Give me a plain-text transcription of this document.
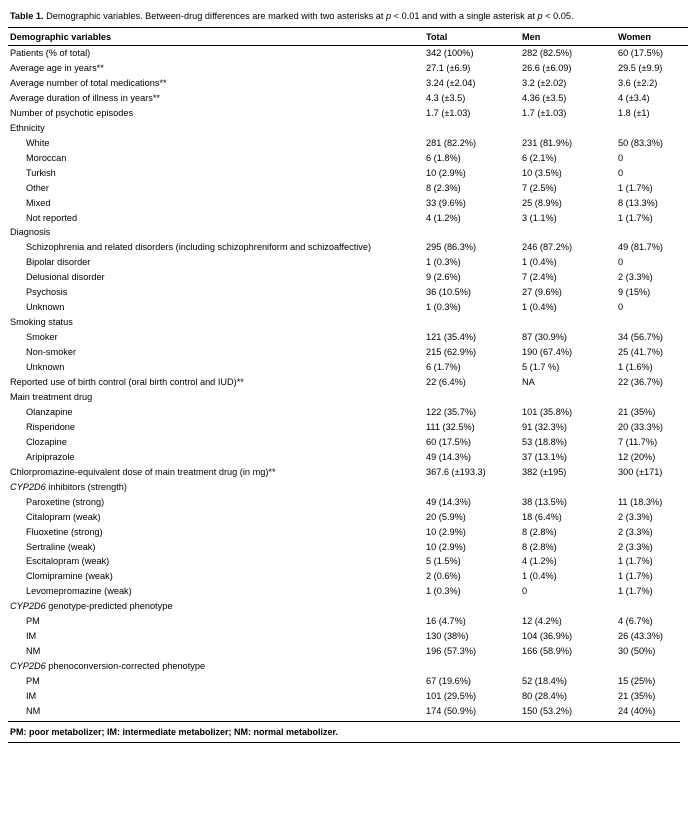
Table 1. Demographic variables. Between-drug differences are marked with two asterisks at p < 0.01 and with a single asterisk at p < 0.05.
Demographic variables	Total	Men	Women
Patients (% of total)	342 (100%)	282 (82.5%)	60 (17.5%)
Average age in years**	27.1 (±6.9)	26.6 (±6.09)	29.5 (±9.9)
Average number of total medications**	3.24 (±2.04)	3.2 (±2.02)	3.6 (±2.2)
Average duration of illness in years**	4.3 (±3.5)	4.36 (±3.5)	4 (±3.4)
Number of psychotic episodes	1.7 (±1.03)	1.7 (±1.03)	1.8 (±1)
Ethnicity			
White	281 (82.2%)	231 (81.9%)	50 (83.3%)
Moroccan	6 (1.8%)	6 (2.1%)	0
Turkish	10 (2.9%)	10 (3.5%)	0
Other	8 (2.3%)	7 (2.5%)	1 (1.7%)
Mixed	33 (9.6%)	25 (8.9%)	8 (13.3%)
Not reported	4 (1.2%)	3 (1.1%)	1 (1.7%)
Diagnosis			
Schizophrenia and related disorders (including schizophreniform and schizoaffective)	295 (86.3%)	246 (87.2%)	49 (81.7%)
Bipolar disorder	1 (0.3%)	1 (0.4%)	0
Delusional disorder	9 (2.6%)	7 (2.4%)	2 (3.3%)
Psychosis	36 (10.5%)	27 (9.6%)	9 (15%)
Unknown	1 (0.3%)	1 (0.4%)	0
Smoking status			
Smoker	121 (35.4%)	87 (30.9%)	34 (56.7%)
Non-smoker	215 (62.9%)	190 (67.4%)	25 (41.7%)
Unknown	6 (1.7%)	5 (1.7 %)	1 (1.6%)
Reported use of birth control (oral birth control and IUD)**	22 (6.4%)	NA	22 (36.7%)
Main treatment drug			
Olanzapine	122 (35.7%)	101 (35.8%)	21 (35%)
Risperidone	111 (32.5%)	91 (32.3%)	20 (33.3%)
Clozapine	60 (17.5%)	53 (18.8%)	7 (11.7%)
Aripiprazole	49 (14.3%)	37 (13.1%)	12 (20%)
Chlorpromazine-equivalent dose of main treatment drug (in mg)**	367.6 (±193.3)	382 (±195)	300 (±171)
CYP2D6 inhibitors (strength)			
Paroxetine (strong)	49 (14.3%)	38 (13.5%)	11 (18.3%)
Citalopram (weak)	20 (5.9%)	18 (6.4%)	2 (3.3%)
Fluoxetine (strong)	10 (2.9%)	8 (2.8%)	2 (3.3%)
Sertraline (weak)	10 (2.9%)	8 (2.8%)	2 (3.3%)
Escitalopram (weak)	5 (1.5%)	4 (1.2%)	1 (1.7%)
Clomipramine (weak)	2 (0.6%)	1 (0.4%)	1 (1.7%)
Levomepromazine (weak)	1 (0.3%)	0	1 (1.7%)
CYP2D6 genotype-predicted phenotype			
PM	16 (4.7%)	12 (4.2%)	4 (6.7%)
IM	130 (38%)	104 (36.9%)	26 (43.3%)
NM	196 (57.3%)	166 (58.9%)	30 (50%)
CYP2D6 phenoconversion-corrected phenotype			
PM	67 (19.6%)	52 (18.4%)	15 (25%)
IM	101 (29.5%)	80 (28.4%)	21 (35%)
NM	174 (50.9%)	150 (53.2%)	24 (40%)
PM: poor metabolizer; IM: intermediate metabolizer; NM: normal metabolizer.
